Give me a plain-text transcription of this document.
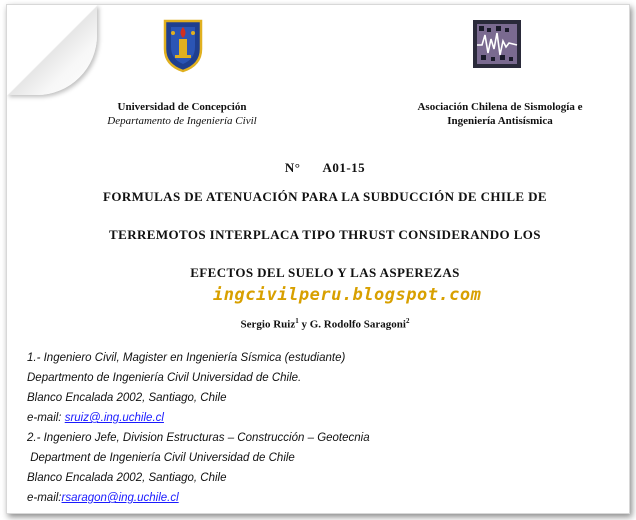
Universidad de Concepción
Departamento de Ingeniería Civil
Asociación Chilena de Sismología e
Ingeniería Antisísmica
N° A01-15
FORMULAS DE ATENUACIÓN PARA LA SUBDUCCIÓN DE CHILE DE
TERREMOTOS INTERPLACA TIPO THRUST CONSIDERANDO LOS
EFECTOS DEL SUELO Y LAS ASPEREZAS
ingcivilperu.blogspot.com
Sergio Ruiz$^1$ y G. Rodolfo Saragoni$^2$
1.- Ingeniero Civil, Magister en Ingeniería Sísmica (estudiante)
Departmento de Ingeniería Civil Universidad de Chile.
Blanco Encalada 2002, Santiago, Chile
e-mail: sruiz@.ing.uchile.cl
2.- Ingeniero Jefe, Division Estructuras – Construcción – Geotecnia
Department de Ingeniería Civil Universidad de Chile
Blanco Encalada 2002, Santiago, Chile
e-mail:rsaragon@ing.uchile.cl
